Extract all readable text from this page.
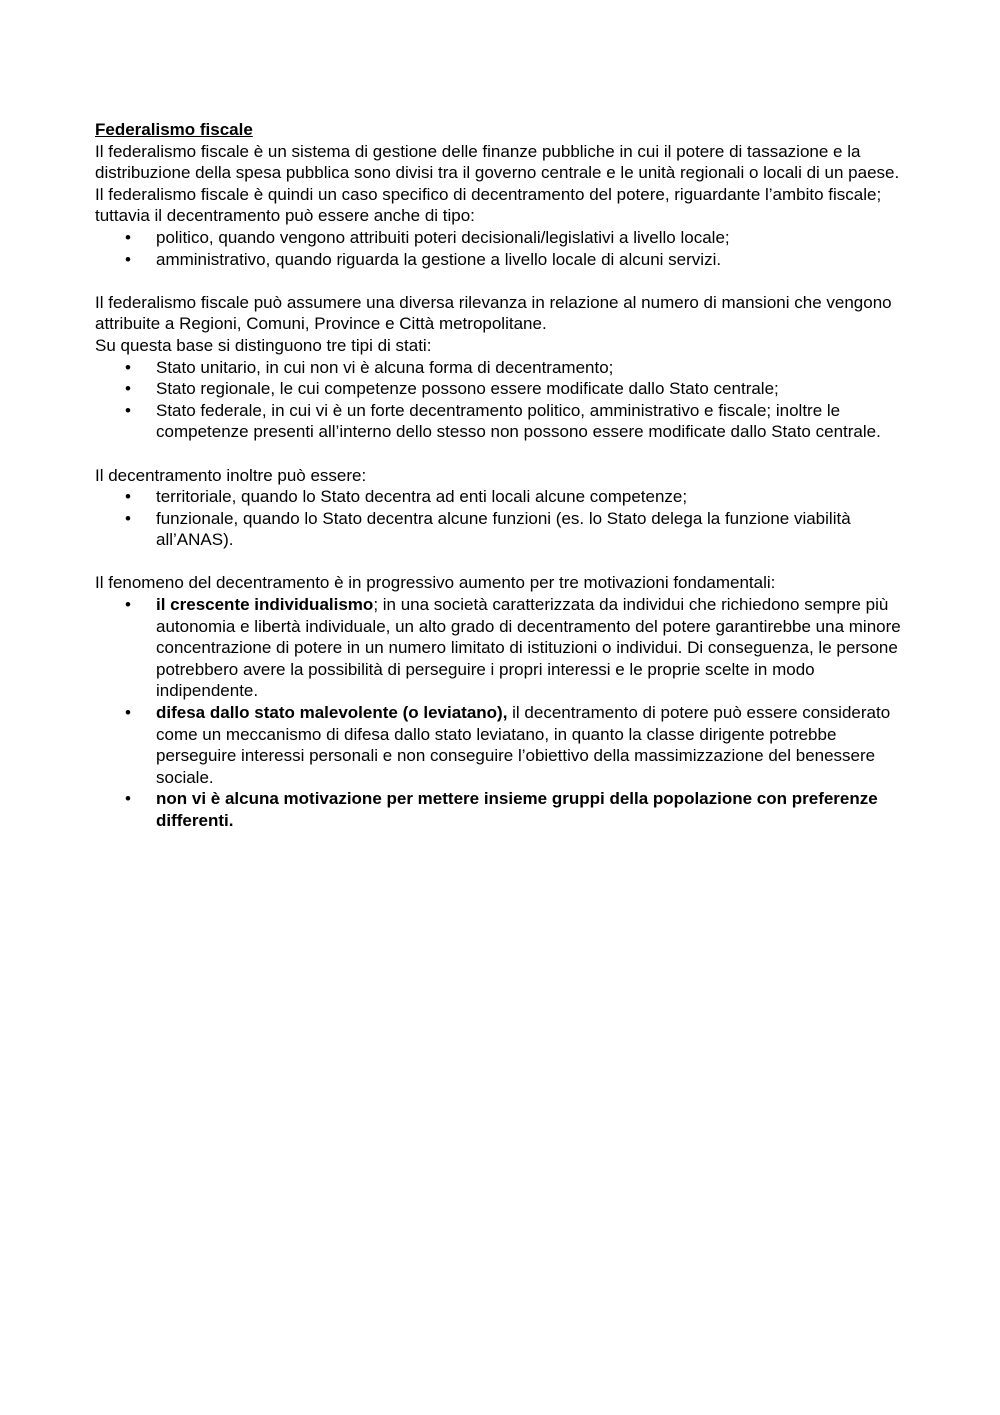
Federalismo fiscale

Il federalismo fiscale è un sistema di gestione delle finanze pubbliche in cui il potere di tassazione e la distribuzione della spesa pubblica sono divisi tra il governo centrale e le unità regionali o locali di un paese.

Il federalismo fiscale è quindi un caso specifico di decentramento del potere, riguardante l’ambito fiscale; tuttavia il decentramento può essere anche di tipo:

• politico, quando vengono attribuiti poteri decisionali/legislativi a livello locale;
• amministrativo, quando riguarda la gestione a livello locale di alcuni servizi.

Il federalismo fiscale può assumere una diversa rilevanza in relazione al numero di mansioni che vengono attribuite a Regioni, Comuni, Province e Città metropolitane.

Su questa base si distinguono tre tipi di stati:

• Stato unitario, in cui non vi è alcuna forma di decentramento;
• Stato regionale, le cui competenze possono essere modificate dallo Stato centrale;
• Stato federale, in cui vi è un forte decentramento politico, amministrativo e fiscale; inoltre le competenze presenti all’interno dello stesso non possono essere modificate dallo Stato centrale.

Il decentramento inoltre può essere:

• territoriale, quando lo Stato decentra ad enti locali alcune competenze;
• funzionale, quando lo Stato decentra alcune funzioni (es. lo Stato delega la funzione viabilità all’ANAS).

Il fenomeno del decentramento è in progressivo aumento per tre motivazioni fondamentali:

• il crescente individualismo; in una società caratterizzata da individui che richiedono sempre più autonomia e libertà individuale, un alto grado di decentramento del potere garantirebbe una minore concentrazione di potere in un numero limitato di istituzioni o individui. Di conseguenza, le persone potrebbero avere la possibilità di perseguire i propri interessi e le proprie scelte in modo indipendente.
• difesa dallo stato malevolente (o leviatano), il decentramento di potere può essere considerato come un meccanismo di difesa dallo stato leviatano, in quanto la classe dirigente potrebbe perseguire interessi personali e non conseguire l’obiettivo della massimizzazione del benessere sociale.
• non vi è alcuna motivazione per mettere insieme gruppi della popolazione con preferenze differenti.
